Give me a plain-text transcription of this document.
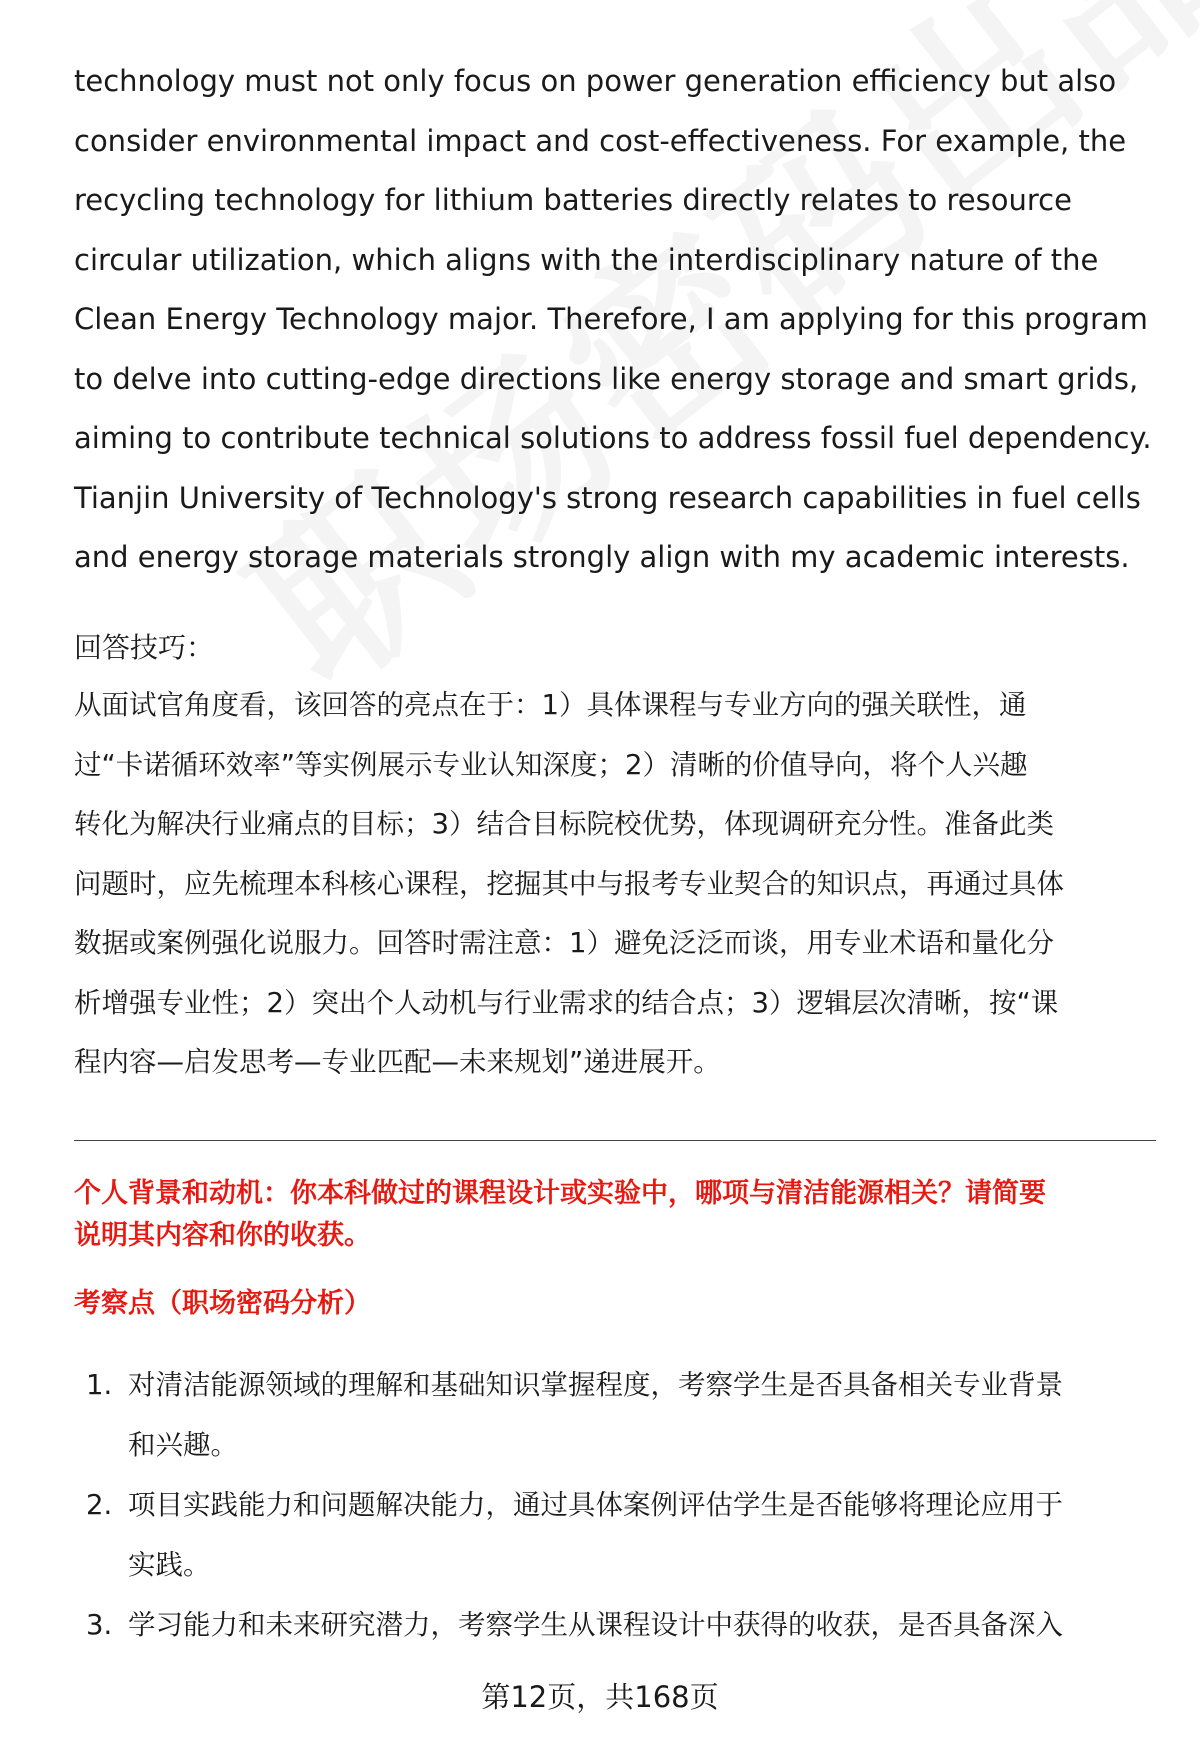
technology must not only focus on power generation efficiency but also
consider environmental impact and cost-effectiveness. For example, the
recycling technology for lithium batteries directly relates to resource
circular utilization, which aligns with the interdisciplinary nature of the
Clean Energy Technology major. Therefore, I am applying for this program
to delve into cutting-edge directions like energy storage and smart grids,
aiming to contribute technical solutions to address fossil fuel dependency.
Tianjin University of Technology's strong research capabilities in fuel cells
and energy storage materials strongly align with my academic interests.
回答技巧：
从面试官角度看，该回答的亮点在于：1）具体课程与专业方向的强关联性，通
过“卡诺循环效率”等实例展示专业认知深度；2）清晰的价值导向，将个人兴趣
转化为解决行业痛点的目标；3）结合目标院校优势，体现调研充分性。准备此类
问题时，应先梳理本科核心课程，挖掘其中与报考专业契合的知识点，再通过具体
数据或案例强化说服力。回答时需注意：1）避免泛泛而谈，用专业术语和量化分
析增强专业性；2）突出个人动机与行业需求的结合点；3）逻辑层次清晰，按“课
程内容—启发思考—专业匹配—未来规划”递进展开。
个人背景和动机：你本科做过的课程设计或实验中，哪项与清洁能源相关？请简要
说明其内容和你的收获。
考察点（职场密码分析）
1. 对清洁能源领域的理解和基础知识掌握程度，考察学生是否具备相关专业背景
和兴趣。
2. 项目实践能力和问题解决能力，通过具体案例评估学生是否能够将理论应用于
实践。
3. 学习能力和未来研究潜力，考察学生从课程设计中获得的收获，是否具备深入
第12页，共168页
